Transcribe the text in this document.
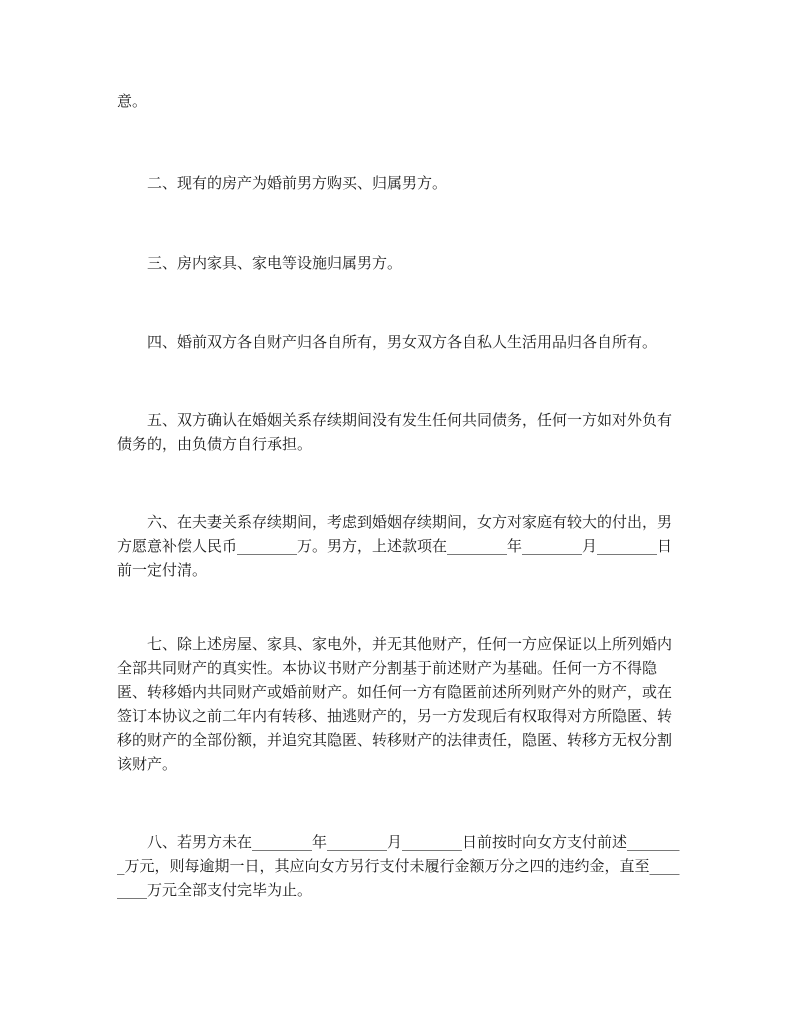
意。

二、现有的房产为婚前男方购买、归属男方。

三、房内家具、家电等设施归属男方。

四、婚前双方各自财产归各自所有，男女双方各自私人生活用品归各自所有。

五、双方确认在婚姻关系存续期间没有发生任何共同债务，任何一方如对外负有债务的，由负债方自行承担。

六、在夫妻关系存续期间，考虑到婚姻存续期间，女方对家庭有较大的付出，男方愿意补偿人民币________万。男方，上述款项在________年________月________日前一定付清。

七、除上述房屋、家具、家电外，并无其他财产，任何一方应保证以上所列婚内全部共同财产的真实性。本协议书财产分割基于前述财产为基础。任何一方不得隐匿、转移婚内共同财产或婚前财产。如任何一方有隐匿前述所列财产外的财产，或在签订本协议之前二年内有转移、抽逃财产的，另一方发现后有权取得对方所隐匿、转移的财产的全部份额，并追究其隐匿、转移财产的法律责任，隐匿、转移方无权分割该财产。

八、若男方未在________年________月________日前按时向女方支付前述________万元，则每逾期一日，其应向女方另行支付未履行金额万分之四的违约金，直至________万元全部支付完毕为止。
